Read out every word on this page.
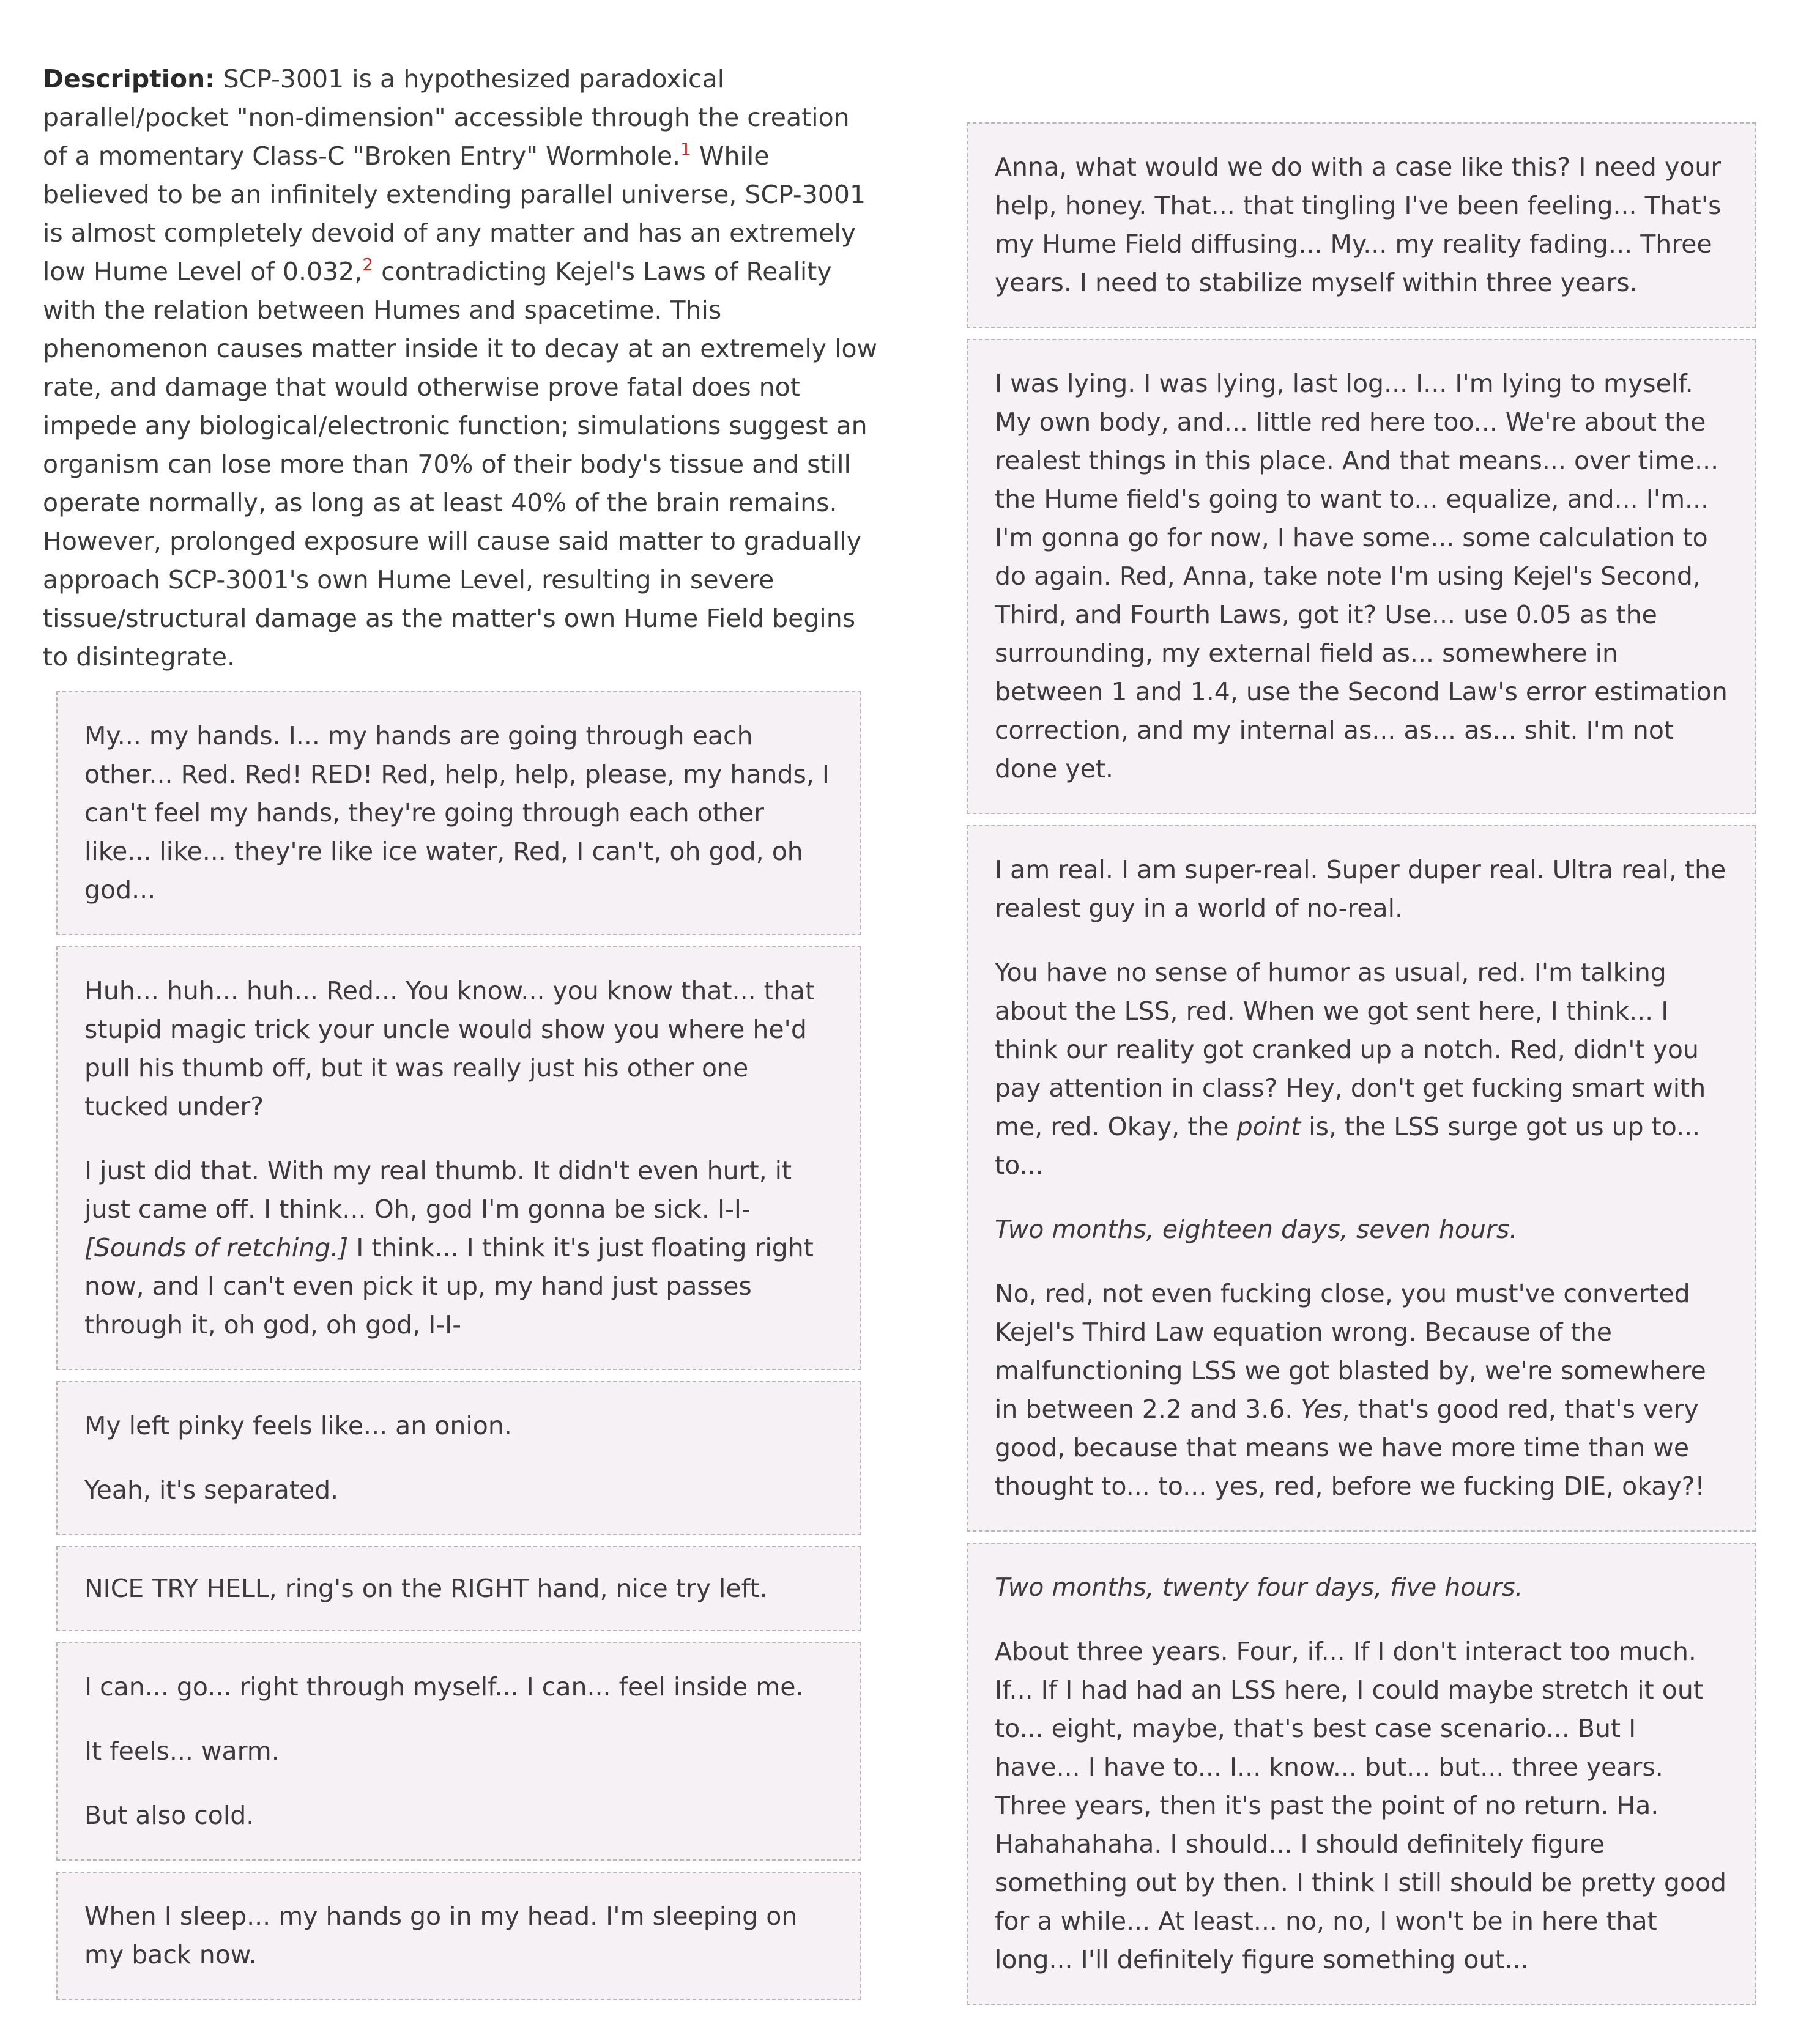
Description: SCP-3001 is a hypothesized paradoxical parallel/pocket "non-dimension" accessible through the creation of a momentary Class-C "Broken Entry" Wormhole.$^1$ While believed to be an infinitely extending parallel universe, SCP-3001 is almost completely devoid of any matter and has an extremely low Hume Level of 0.032,$^2$ contradicting Kejel's Laws of Reality with the relation between Humes and spacetime. This phenomenon causes matter inside it to decay at an extremely low rate, and damage that would otherwise prove fatal does not impede any biological/electronic function; simulations suggest an organism can lose more than 70% of their body's tissue and still operate normally, as long as at least 40% of the brain remains. However, prolonged exposure will cause said matter to gradually approach SCP-3001's own Hume Level, resulting in severe tissue/structural damage as the matter's own Hume Field begins to disintegrate.

My... my hands. I... my hands are going through each other... Red. Red! RED! Red, help, help, please, my hands, I can't feel my hands, they're going through each other like... like... they're like ice water, Red, I can't, oh god, oh god...

Huh... huh... huh... Red... You know... you know that... that stupid magic trick your uncle would show you where he'd pull his thumb off, but it was really just his other one tucked under?

I just did that. With my real thumb. It didn't even hurt, it just came off. I think... Oh, god I'm gonna be sick. I-I- [Sounds of retching.] I think... I think it's just floating right now, and I can't even pick it up, my hand just passes through it, oh god, oh god, I-I-

My left pinky feels like... an onion.

Yeah, it's separated.

NICE TRY HELL, ring's on the RIGHT hand, nice try left.

I can... go... right through myself... I can... feel inside me.

It feels... warm.

But also cold.

When I sleep... my hands go in my head. I'm sleeping on my back now.

Anna, what would we do with a case like this? I need your help, honey. That... that tingling I've been feeling... That's my Hume Field diffusing... My... my reality fading... Three years. I need to stabilize myself within three years.

I was lying. I was lying, last log... I... I'm lying to myself. My own body, and... little red here too... We're about the realest things in this place. And that means... over time... the Hume field's going to want to... equalize, and... I'm... I'm gonna go for now, I have some... some calculation to do again. Red, Anna, take note I'm using Kejel's Second, Third, and Fourth Laws, got it? Use... use 0.05 as the surrounding, my external field as... somewhere in between 1 and 1.4, use the Second Law's error estimation correction, and my internal as... as... as... shit. I'm not done yet.

I am real. I am super-real. Super duper real. Ultra real, the realest guy in a world of no-real.

You have no sense of humor as usual, red. I'm talking about the LSS, red. When we got sent here, I think... I think our reality got cranked up a notch. Red, didn't you pay attention in class? Hey, don't get fucking smart with me, red. Okay, the point is, the LSS surge got us up to... to...

Two months, eighteen days, seven hours.

No, red, not even fucking close, you must've converted Kejel's Third Law equation wrong. Because of the malfunctioning LSS we got blasted by, we're somewhere in between 2.2 and 3.6. Yes, that's good red, that's very good, because that means we have more time than we thought to... to... yes, red, before we fucking DIE, okay?!

Two months, twenty four days, five hours.

About three years. Four, if... If I don't interact too much. If... If I had had an LSS here, I could maybe stretch it out to... eight, maybe, that's best case scenario... But I have... I have to... I... know... but... but... three years. Three years, then it's past the point of no return. Ha. Hahahahaha. I should... I should definitely figure something out by then. I think I still should be pretty good for a while... At least... no, no, I won't be in here that long... I'll definitely figure something out...
